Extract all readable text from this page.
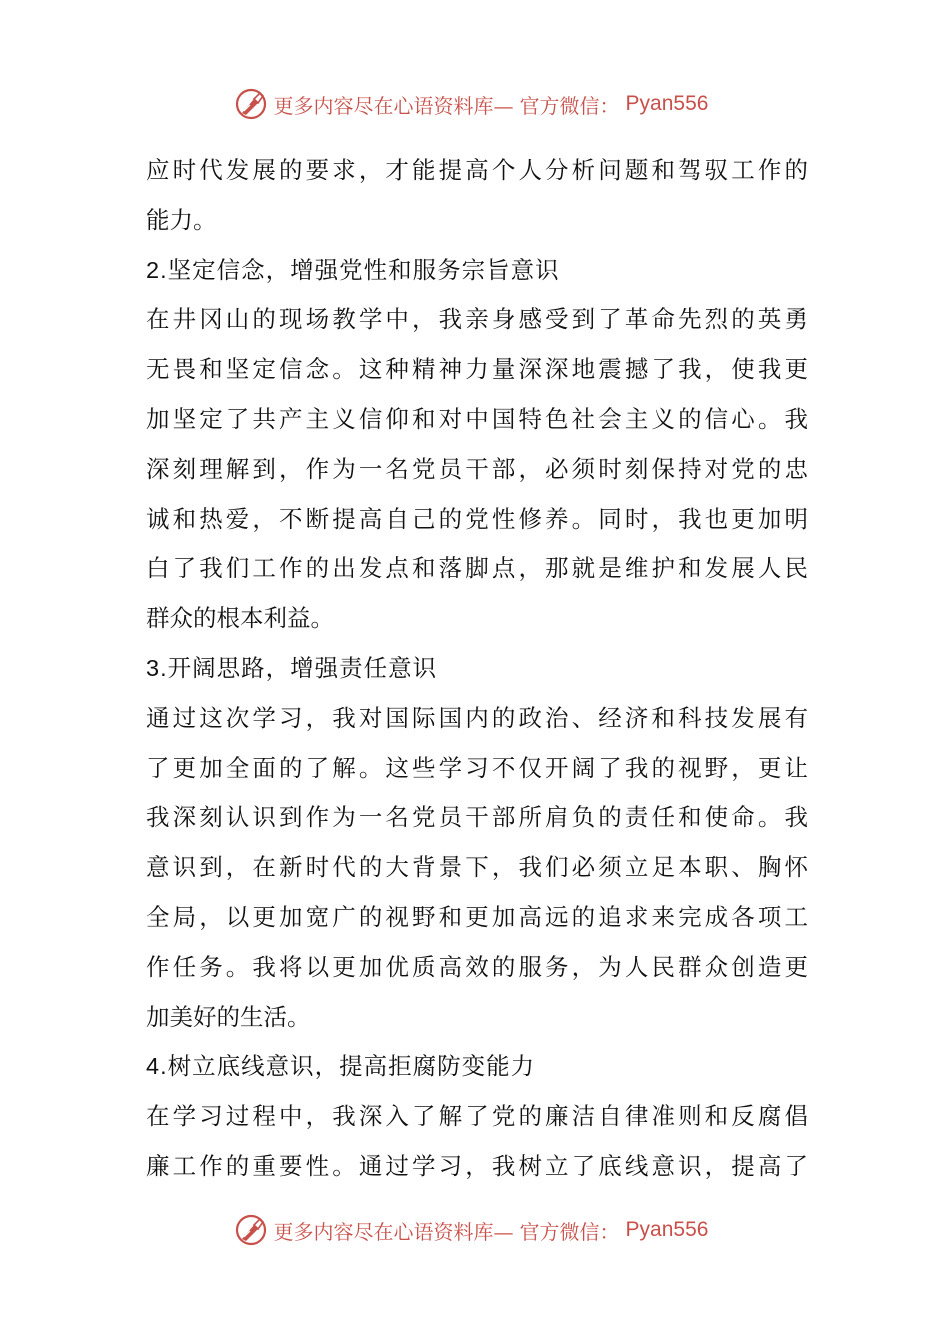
更多内容尽在心语资料库— 官方微信： Pyan556
应时代发展的要求，才能提高个人分析问题和驾驭工作的
能力。
2.坚定信念，增强党性和服务宗旨意识
在井冈山的现场教学中，我亲身感受到了革命先烈的英勇
无畏和坚定信念。这种精神力量深深地震撼了我，使我更
加坚定了共产主义信仰和对中国特色社会主义的信心。我
深刻理解到，作为一名党员干部，必须时刻保持对党的忠
诚和热爱，不断提高自己的党性修养。同时，我也更加明
白了我们工作的出发点和落脚点，那就是维护和发展人民
群众的根本利益。
3.开阔思路，增强责任意识
通过这次学习，我对国际国内的政治、经济和科技发展有
了更加全面的了解。这些学习不仅开阔了我的视野，更让
我深刻认识到作为一名党员干部所肩负的责任和使命。我
意识到，在新时代的大背景下，我们必须立足本职、胸怀
全局，以更加宽广的视野和更加高远的追求来完成各项工
作任务。我将以更加优质高效的服务，为人民群众创造更
加美好的生活。
4.树立底线意识，提高拒腐防变能力
在学习过程中，我深入了解了党的廉洁自律准则和反腐倡
廉工作的重要性。通过学习，我树立了底线意识，提高了
更多内容尽在心语资料库— 官方微信： Pyan556
